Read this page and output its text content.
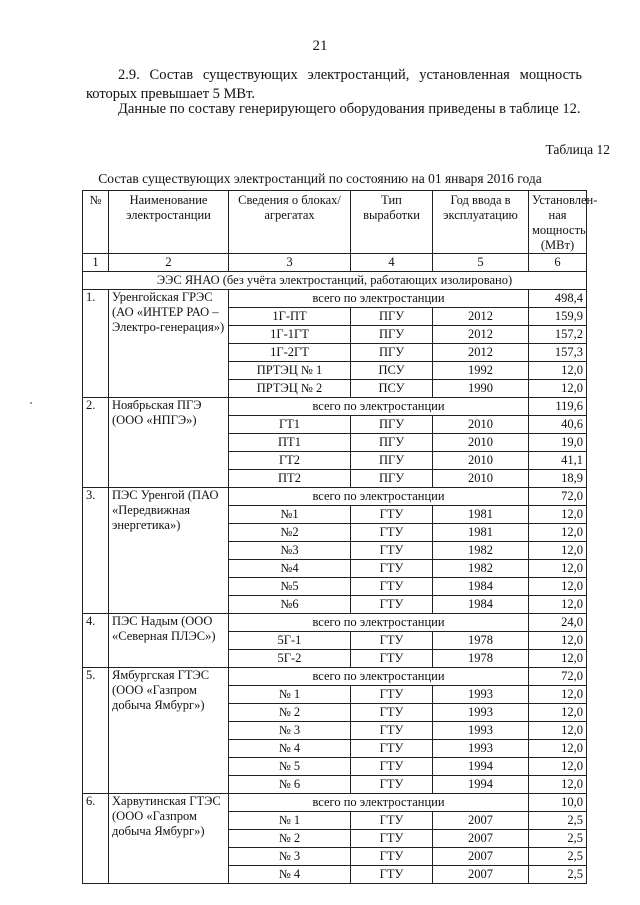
21
2.9. Состав существующих электростанций, установленная мощность
которых превышает 5 МВт.
Данные по составу генерирующего оборудования приведены в таблице 12.
Таблица 12
Состав существующих электростанций по состоянию на 01 января 2016 года
№	Наименование электростанции	Сведения о блоках/агрегатах	Тип выработки	Год ввода в эксплуатацию	Установлен-ная мощность (МВт)
1	2	3	4	5	6
ЭЭС ЯНАО (без учёта электростанций, работающих изолировано)					
1.	Уренгойская ГРЭС (АО «ИНТЕР РАО – Электро-генерация»)	всего по электростанции			498,4
		1Г-ПТ	ПГУ	2012	159,9
		1Г-1ГТ	ПГУ	2012	157,2
		1Г-2ГТ	ПГУ	2012	157,3
		ПРТЭЦ № 1	ПСУ	1992	12,0
		ПРТЭЦ № 2	ПСУ	1990	12,0
2.	Ноябрьская ПГЭ (ООО «НПГЭ»)	всего по электростанции			119,6
		ГТ1	ПГУ	2010	40,6
		ПТ1	ПГУ	2010	19,0
		ГТ2	ПГУ	2010	41,1
		ПТ2	ПГУ	2010	18,9
3.	ПЭС Уренгой (ПАО «Передвижная энергетика»)	всего по электростанции			72,0
		№1	ГТУ	1981	12,0
		№2	ГТУ	1981	12,0
		№3	ГТУ	1982	12,0
		№4	ГТУ	1982	12,0
		№5	ГТУ	1984	12,0
		№6	ГТУ	1984	12,0
4.	ПЭС Надым (ООО «Северная ПЛЭС»)	всего по электростанции			24,0
		5Г-1	ГТУ	1978	12,0
		5Г-2	ГТУ	1978	12,0
5.	Ямбургская ГТЭС (ООО «Газпром добыча Ямбург»)	всего по электростанции			72,0
		№ 1	ГТУ	1993	12,0
		№ 2	ГТУ	1993	12,0
		№ 3	ГТУ	1993	12,0
		№ 4	ГТУ	1993	12,0
		№ 5	ГТУ	1994	12,0
		№ 6	ГТУ	1994	12,0
6.	Харвутинская ГТЭС (ООО «Газпром добыча Ямбург»)	всего по электростанции			10,0
		№ 1	ГТУ	2007	2,5
		№ 2	ГТУ	2007	2,5
		№ 3	ГТУ	2007	2,5
		№ 4	ГТУ	2007	2,5
